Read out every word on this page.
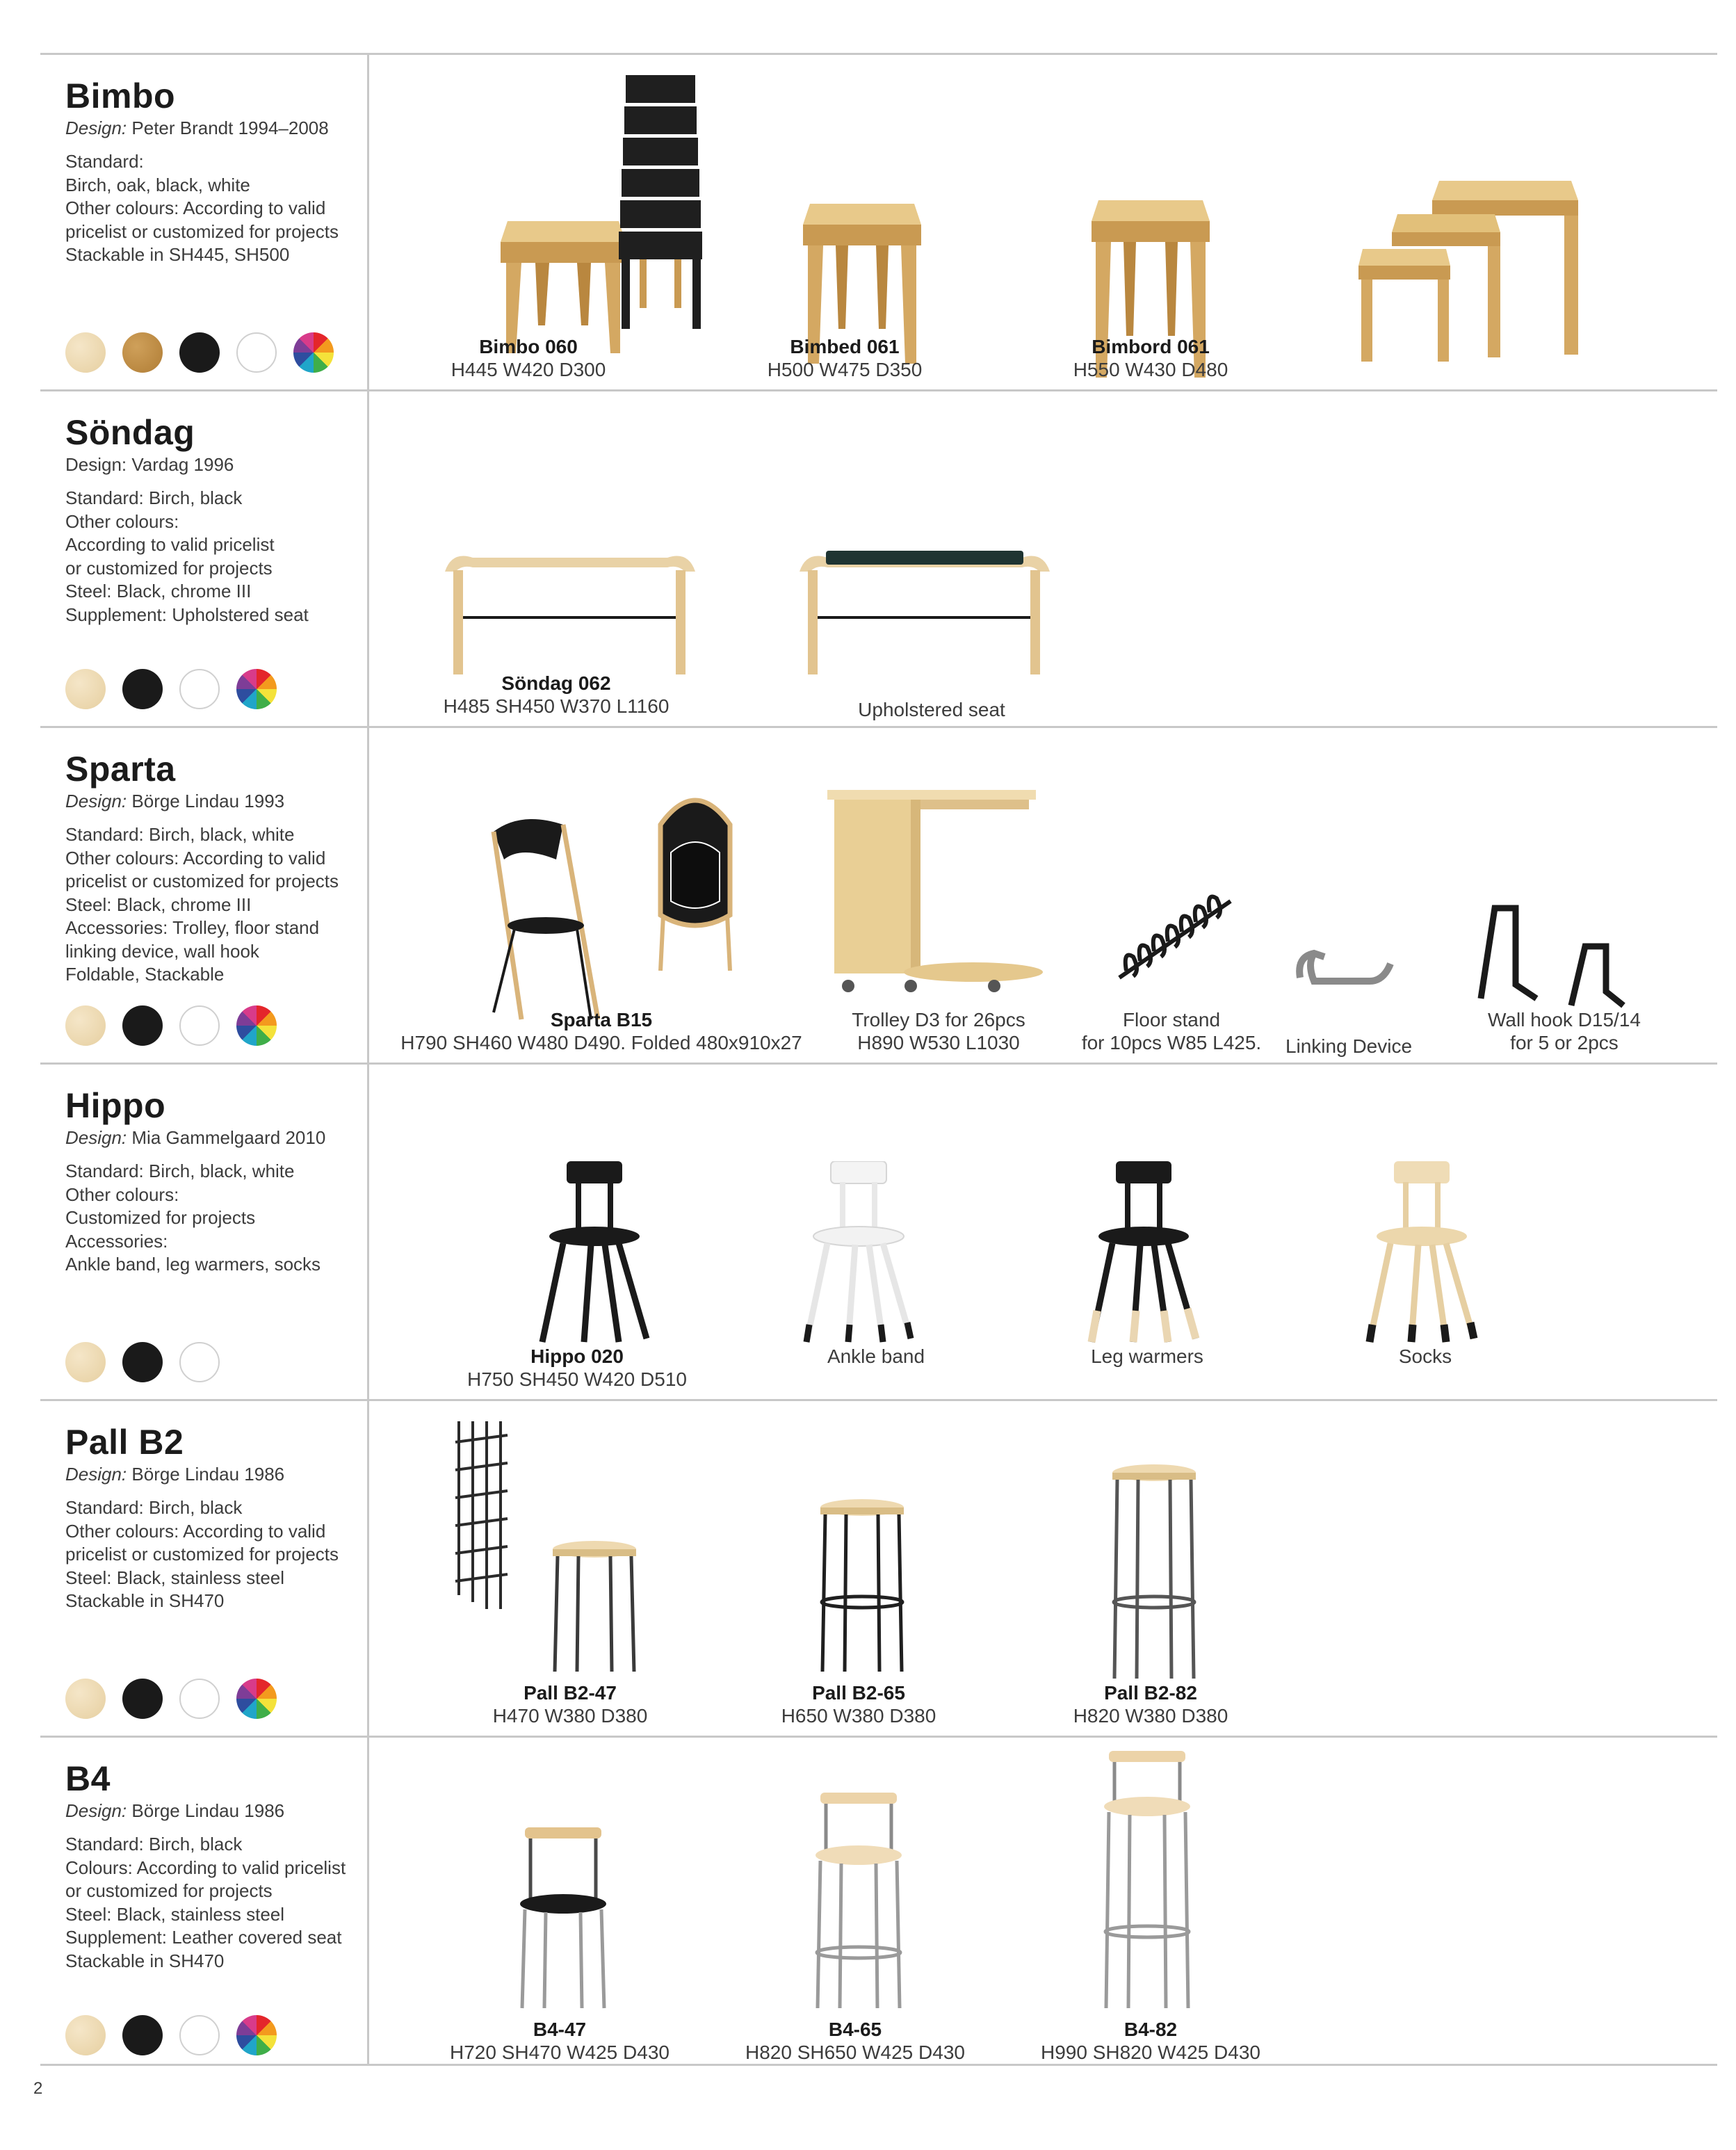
Bimbo
Design: Peter Brandt 1994–2008
Standard:
Birch, oak, black, white
Other colours: According to valid
pricelist or customized for projects
Stackable in SH445, SH500
Bimbo 060
H445 W420 D300
Bimbed 061
H500 W475 D350
Bimbord 061
H550 W430 D480
Söndag
Design: Vardag 1996
Standard: Birch, black
Other colours:
According to valid pricelist
or customized for projects
Steel: Black, chrome III
Supplement: Upholstered seat
Söndag 062
H485 SH450 W370 L1160	Upholstered seat
Sparta
Design: Börge Lindau 1993
Standard: Birch, black, white
Other colours: According to valid
pricelist or customized for projects
Steel: Black, chrome III
Accessories: Trolley, floor stand
linking device, wall hook
Foldable, Stackable
Sparta B15
H790 SH460 W480 D490. Folded 480x910x27
Trolley D3 for 26pcs
H890 W530 L1030
Floor stand
for 10pcs W85 L425.	Linking Device
Wall hook D15/14
for 5 or 2pcs
Hippo
Design: Mia Gammelgaard 2010
Standard: Birch, black, white
Other colours:
Customized for projects
Accessories:
Ankle band, leg warmers, socks
Hippo 020
H750 SH450 W420 D510
Ankle band	Leg warmers	Socks
Pall B2
Design: Börge Lindau 1986
Standard: Birch, black
Other colours: According to valid
pricelist or customized for projects
Steel: Black, stainless steel
Stackable in SH470
Pall B2-47
H470 W380 D380
Pall B2-65
H650 W380 D380
Pall B2-82
H820 W380 D380
B4
Design: Börge Lindau 1986
Standard: Birch, black
Colours: According to valid pricelist
or customized for projects
Steel: Black, stainless steel
Supplement: Leather covered seat
Stackable in SH470
B4-47
H720 SH470 W425 D430
B4-65
H820 SH650 W425 D430
B4-82
H990 SH820 W425 D430
2
